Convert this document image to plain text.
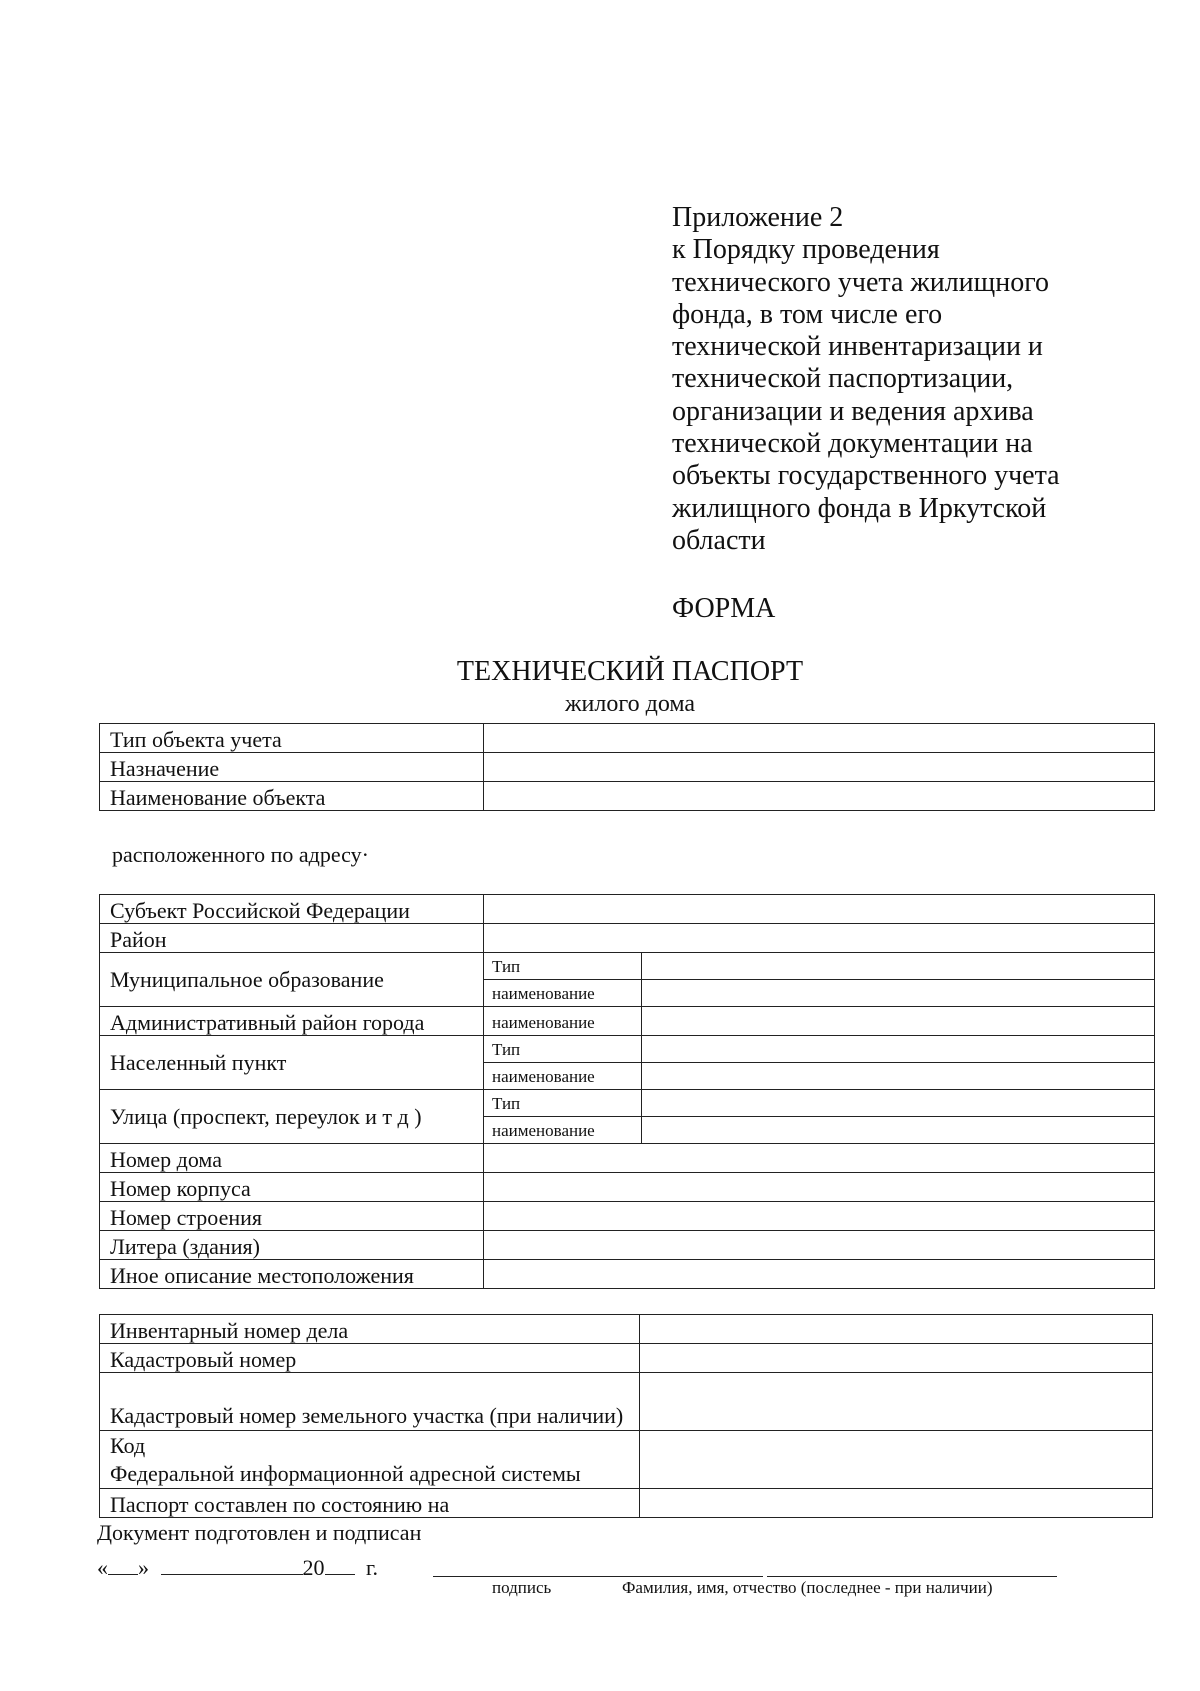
Приложение 2
к Порядку проведения
технического учета жилищного
фонда, в том числе его
технической инвентаризации и
технической паспортизации,
организации и ведения архива
технической документации на
объекты государственного учета
жилищного фонда в Иркутской
области
ФОРМА
ТЕХНИЧЕСКИЙ ПАСПОРТ
жилого дома
Тип объекта учета	
Назначение	
Наименование объекта	
расположенного по адресу·
Субъект Российской Федерации		
Район		
Муниципальное образование	Тип	
	наименование	
Административный район города	наименование	
Населенный пункт	Тип	
	наименование	
Улица (проспект, переулок и т д )	Тип	
	наименование	
Номер дома		
Номер корпуса		
Номер строения		
Литера (здания)		
Иное описание местоположения		
Инвентарный номер дела	
Кадастровый номер	
Кадастровый номер земельного участка (при наличии)	

Код
Федеральной информационной адресной системы	

Паспорт составлен по состоянию на	
Документ подготовлен и подписан
« »	20 г.
подпись	Фамилия, имя, отчество (последнее - при наличии)
